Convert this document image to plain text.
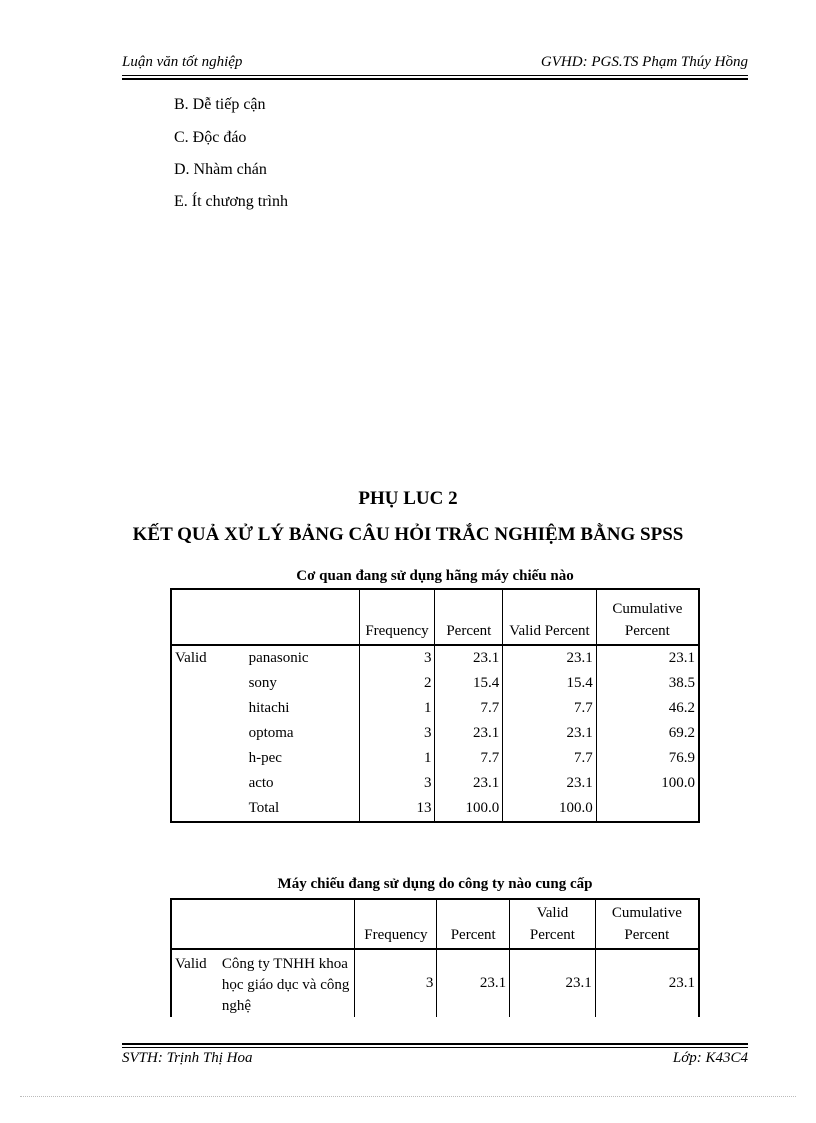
Luận văn tốt nghiệp	GVHD: PGS.TS Phạm Thúy Hồng
B. Dễ tiếp cận
C. Độc đáo
D. Nhàm chán
E. Ít chương trình
PHỤ LUC 2
KẾT QUẢ XỬ LÝ BẢNG CÂU HỎI TRẮC NGHIỆM BẰNG SPSS
Cơ quan đang sử dụng hãng máy chiếu nào
		Frequency	Percent	Valid Percent	Cumulative Percent
Valid	panasonic	3	23.1	23.1	23.1
	sony	2	15.4	15.4	38.5
	hitachi	1	7.7	7.7	46.2
	optoma	3	23.1	23.1	69.2
	h-pec	1	7.7	7.7	76.9
	acto	3	23.1	23.1	100.0
	Total	13	100.0	100.0	
Máy chiếu đang sử dụng do công ty nào cung cấp
		Frequency	Percent	Valid Percent	Cumulative Percent
Valid	Công ty TNHH khoa học giáo dục và công nghệ	3	23.1	23.1	23.1
SVTH: Trịnh Thị Hoa	Lớp: K43C4
